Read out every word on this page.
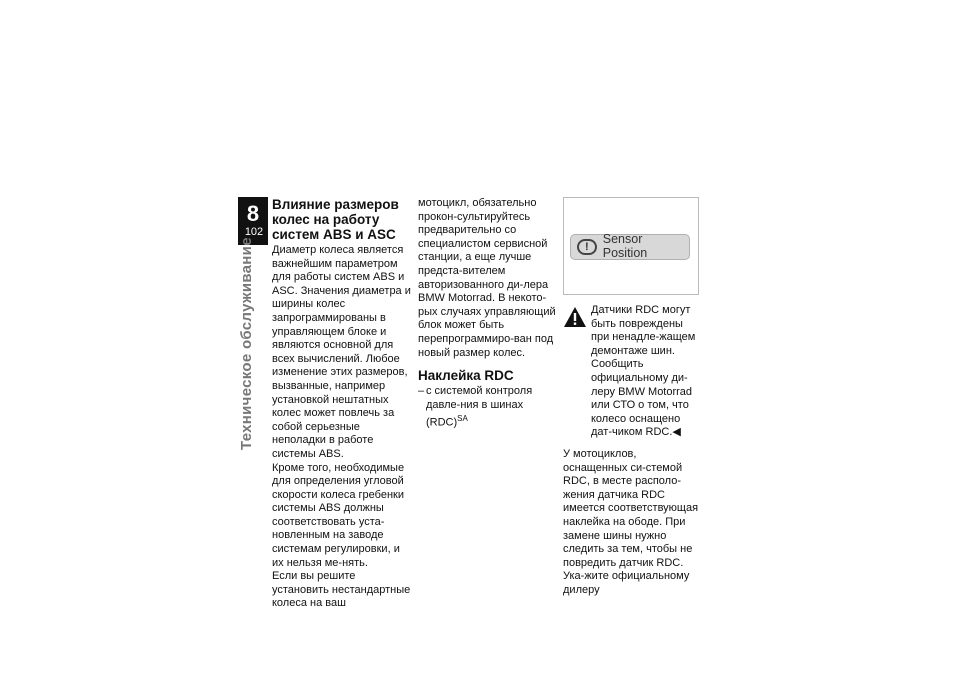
8
102
Техническое обслуживание
Влияние размеров колес на работу систем ABS и ASC

Диаметр колеса является важнейшим параметром для работы систем ABS и ASC. Значения диаметра и ширины колес запрограммированы в управляющем блоке и являются основной для всех вычислений. Любое изменение этих размеров, вызванные, например установкой нештатных колес может повлечь за собой серьезные неполадки в работе системы ABS.

Кроме того, необходимые для определения угловой скорости колеса гребенки системы ABS должны соответствовать уста-новленным на заводе системам регулировки, и их нельзя ме-нять.

Если вы решите установить нестандартные колеса на ваш

мотоцикл, обязательно прокон-сультируйтесь предварительно со специалистом сервисной станции, а еще лучше предста-вителем авторизованного ди-лера BMW Motorrad. В некото-рых случаях управляющий блок может быть перепрограммиро-ван под новый размер колес.

Наклейка RDC
– с системой контроля давле-ния в шинах (RDC)$^{SA}$
!
Sensor Position

Датчики RDC могут быть повреждены при ненадле-жащем демонтаже шин. Сообщить официальному ди-леру BMW Motorrad или СТО о том, что колесо оснащено дат-чиком RDC.◀

У мотоциклов, оснащенных си-стемой RDC, в месте располо-жения датчика RDC имеется соответствующая наклейка на ободе. При замене шины нужно следить за тем, чтобы не повредить датчик RDC. Ука-жите официальному дилеру
